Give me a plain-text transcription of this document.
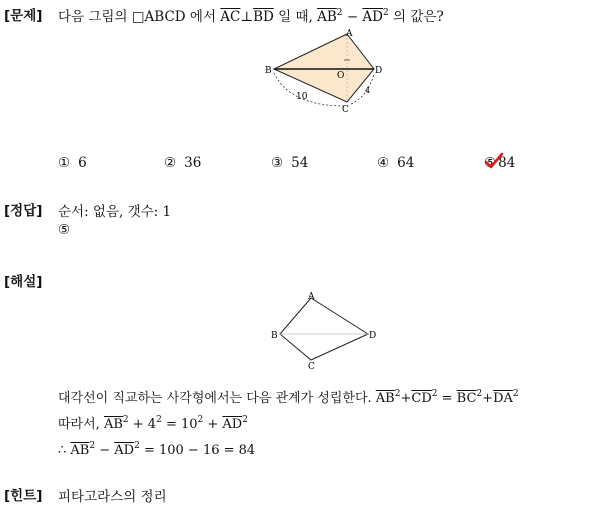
[문제] 다음 그림의 □ABCD 에서 $\overline{AC}\perp\overline{BD}$ 일 때, $\overline{AB}^2 - \overline{AD}^2$ 의 값은?
A
B
C
D
O
10
4
① 6	② 36	③ 54	④ 64	⑤ 84
[정답] 순서: 없음, 갯수: 1
⑤
[해설]
A
B
C
D
대각선이 직교하는 사각형에서는 다음 관계가 성립한다. $\overline{AB}^2+\overline{CD}^2 = \overline{BC}^2+\overline{DA}^2$
따라서, $\overline{AB}^2 + 4^2 = 10^2 + \overline{AD}^2$
∴ $\overline{AB}^2 - \overline{AD}^2 = 100 - 16 = 84$
[힌트] 피타고라스의 정리
